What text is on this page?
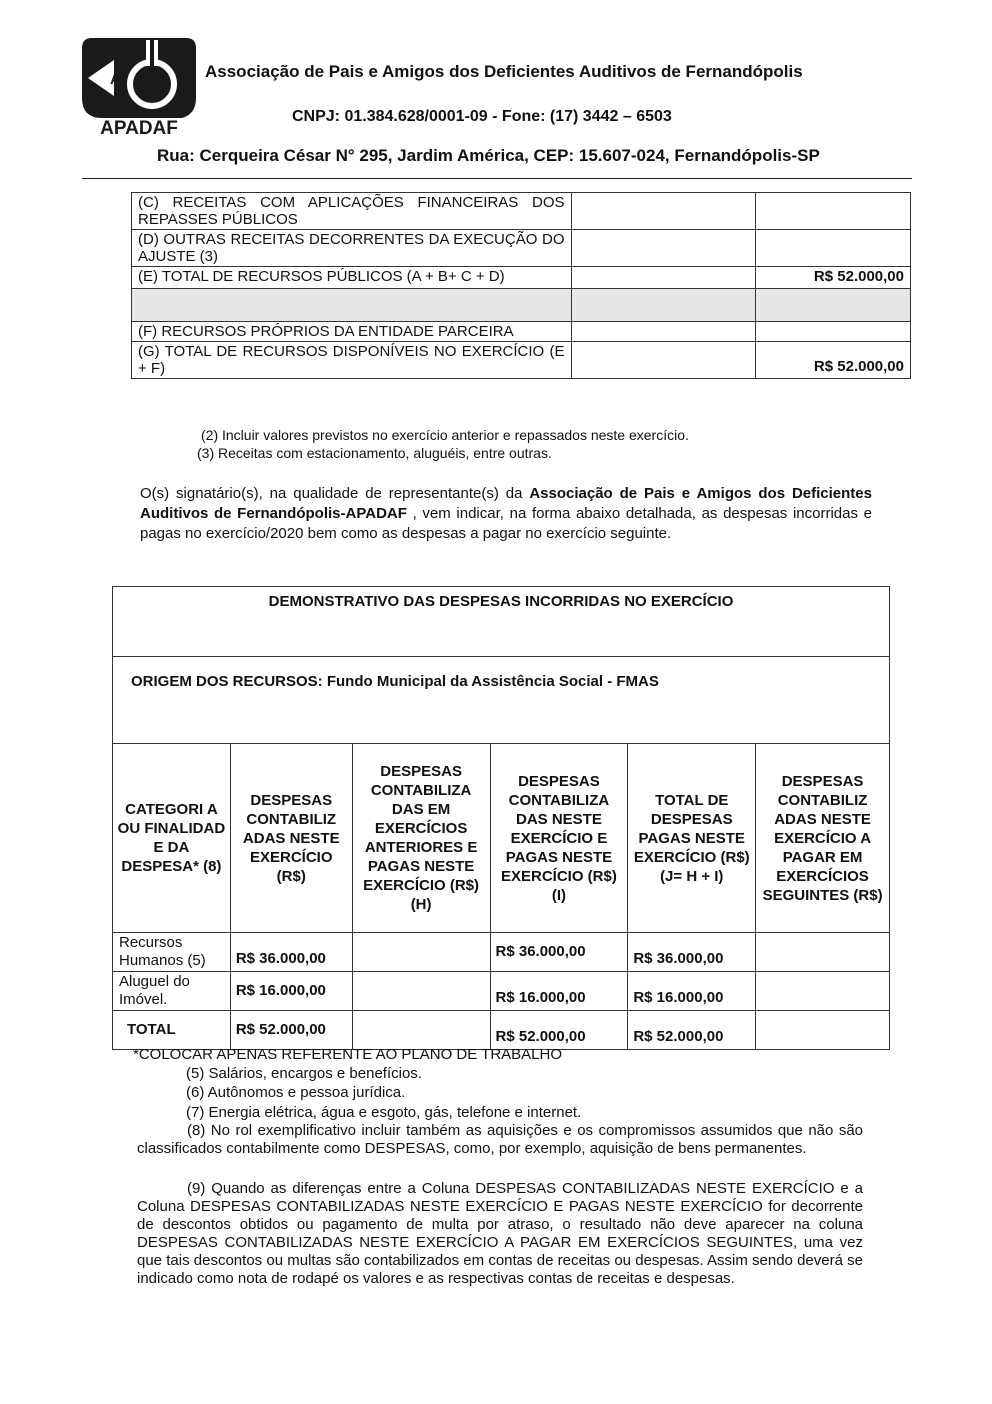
A
APADAF
Associação de Pais e Amigos dos Deficientes Auditivos de Fernandópolis
CNPJ: 01.384.628/0001-09 - Fone: (17) 3442 – 6503
Rua: Cerqueira César N° 295, Jardim América, CEP: 15.607-024, Fernandópolis-SP
(C) RECEITAS COM APLICAÇÕES FINANCEIRAS DOS REPASSES PÚBLICOS		
(D) OUTRAS RECEITAS DECORRENTES DA EXECUÇÃO DO AJUSTE (3)		
(E) TOTAL DE RECURSOS PÚBLICOS (A + B+ C + D)		R$ 52.000,00

(F) RECURSOS PRÓPRIOS DA ENTIDADE PARCEIRA		
(G) TOTAL DE RECURSOS DISPONÍVEIS NO EXERCÍCIO (E + F)		R$ 52.000,00
(2) Incluir valores previstos no exercício anterior e repassados neste exercício.
(3) Receitas com estacionamento, aluguéis, entre outras.
O(s) signatário(s), na qualidade de representante(s) da Associação de Pais e Amigos dos Deficientes Auditivos de Fernandópolis-APADAF , vem indicar, na forma abaixo detalhada, as despesas incorridas e pagas no exercício/2020 bem como as despesas a pagar no exercício seguinte.
DEMONSTRATIVO DAS DESPESAS INCORRIDAS NO EXERCÍCIO					
ORIGEM DOS RECURSOS: Fundo Municipal da Assistência Social - FMAS					
CATEGORI A OU FINALIDAD E DA DESPESA* (8)	DESPESAS CONTABILIZ ADAS NESTE EXERCÍCIO (R$)	DESPESAS CONTABILIZA DAS EM EXERCÍCIOS ANTERIORES E PAGAS NESTE EXERCÍCIO (R$) (H)	DESPESAS CONTABILIZA DAS NESTE EXERCÍCIO E PAGAS NESTE EXERCÍCIO (R$) (I)	TOTAL DE DESPESAS PAGAS NESTE EXERCÍCIO (R$) (J= H + I)	DESPESAS CONTABILIZ ADAS NESTE EXERCÍCIO A PAGAR EM EXERCÍCIOS SEGUINTES (R$)
Recursos Humanos (5)	R$ 36.000,00		R$ 36.000,00	R$ 36.000,00	
Aluguel do Imóvel.	R$ 16.000,00		R$ 16.000,00	R$ 16.000,00	
TOTAL	R$ 52.000,00		R$ 52.000,00	R$ 52.000,00	
*COLOCAR APENAS REFERENTE AO PLANO DE TRABALHO
(5) Salários, encargos e benefícios.
(6) Autônomos e pessoa jurídica.
(7) Energia elétrica, água e esgoto, gás, telefone e internet.
(8) No rol exemplificativo incluir também as aquisições e os compromissos assumidos que não são classificados contabilmente como DESPESAS, como, por exemplo, aquisição de bens permanentes.
(9) Quando as diferenças entre a Coluna DESPESAS CONTABILIZADAS NESTE EXERCÍCIO e a Coluna DESPESAS CONTABILIZADAS NESTE EXERCÍCIO E PAGAS NESTE EXERCÍCIO for decorrente de descontos obtidos ou pagamento de multa por atraso, o resultado não deve aparecer na coluna DESPESAS CONTABILIZADAS NESTE EXERCÍCIO A PAGAR EM EXERCÍCIOS SEGUINTES, uma vez que tais descontos ou multas são contabilizados em contas de receitas ou despesas. Assim sendo deverá se indicado como nota de rodapé os valores e as respectivas contas de receitas e despesas.
